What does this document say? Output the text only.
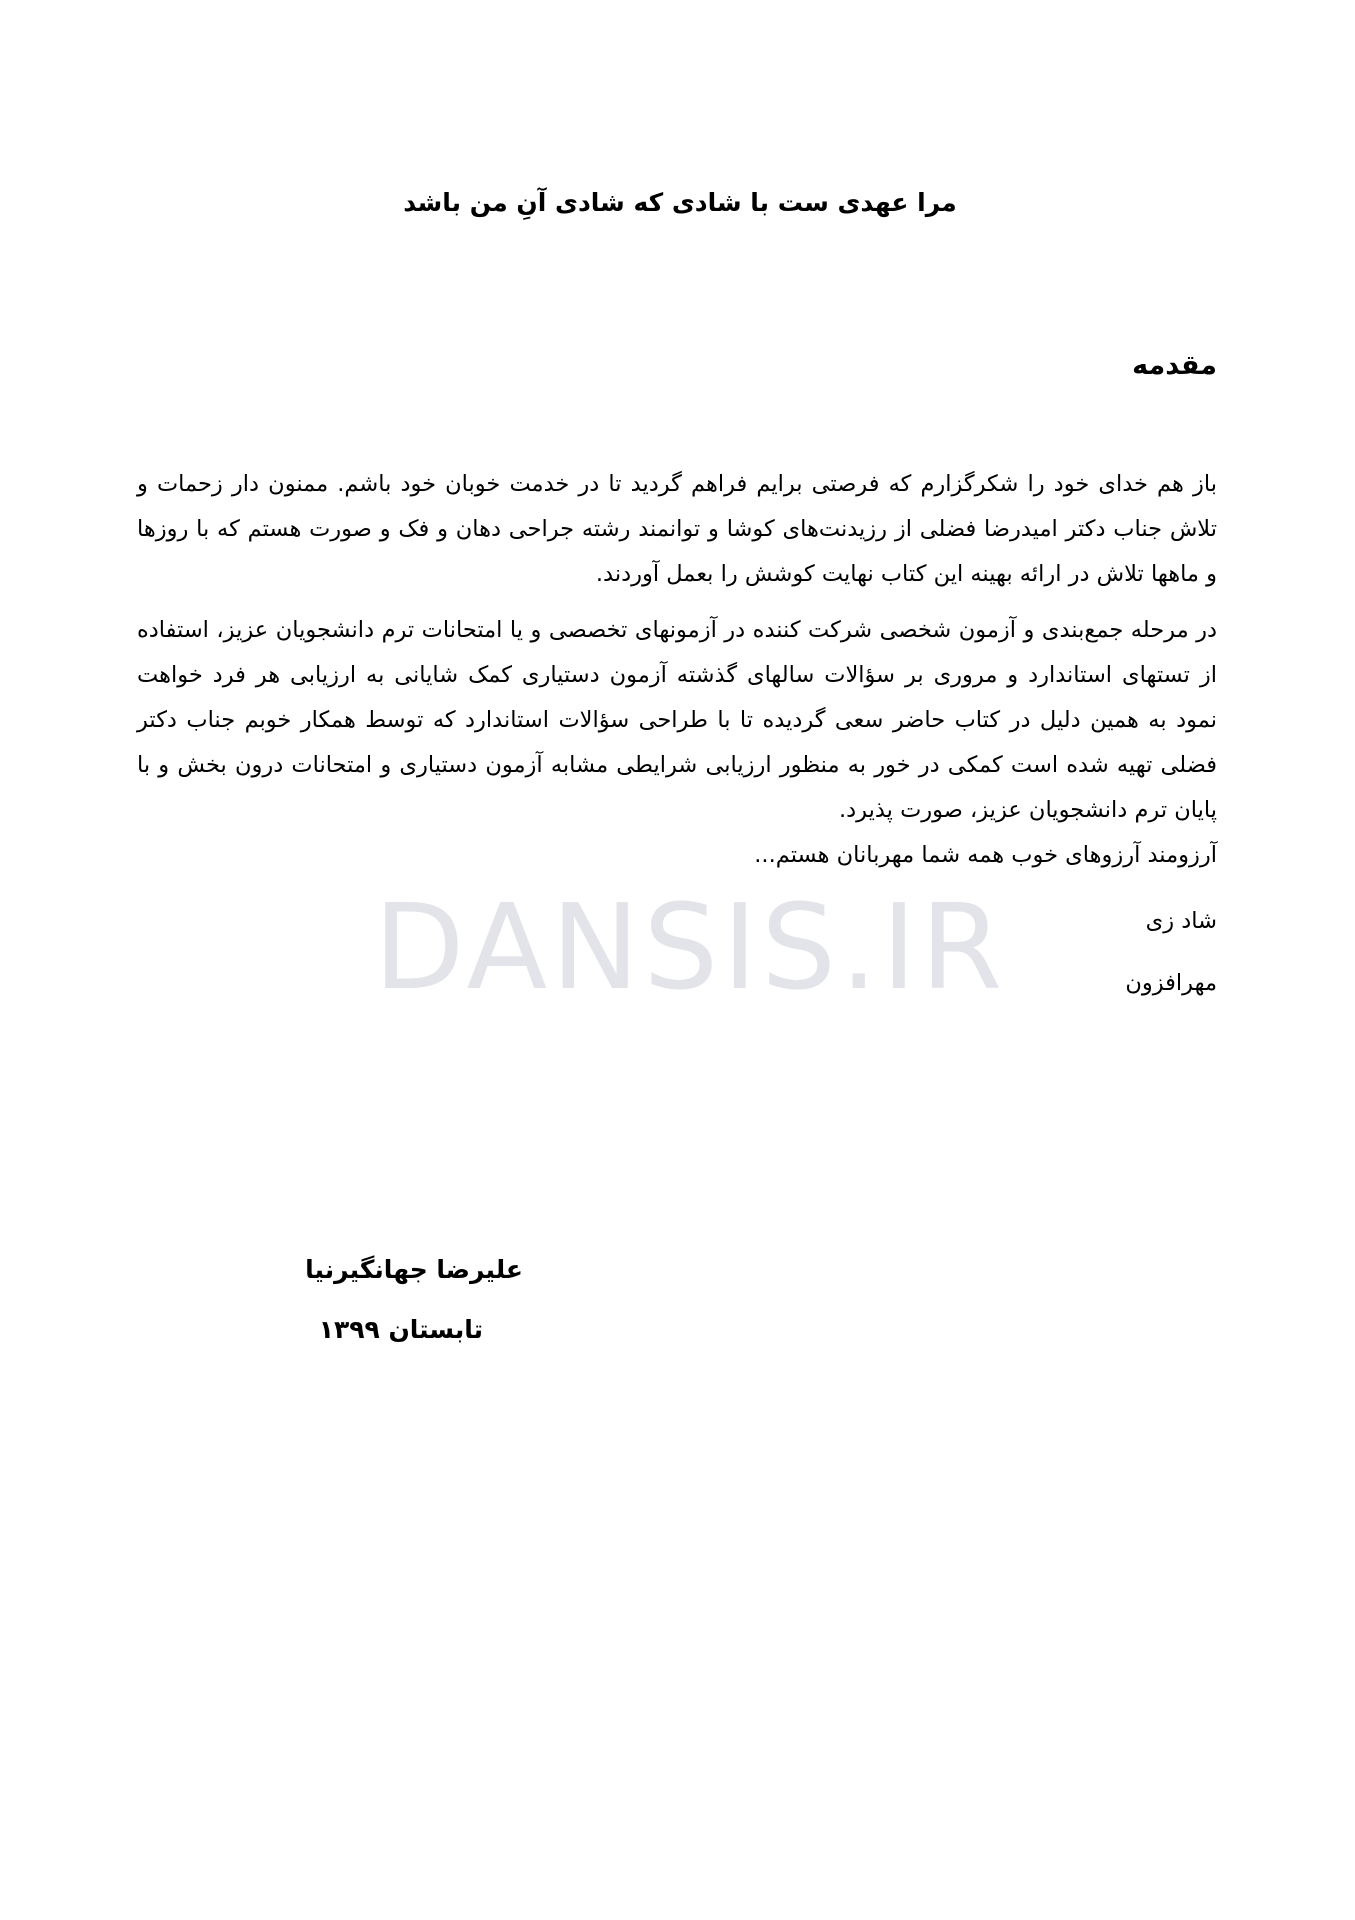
DANSIS.IR
مرا عهدی ست با شادی که شادی آنِ من باشد
مقدمه

باز هم خدای خود را شکرگزارم که فرصتی برایم فراهم گردید تا در خدمت خوبان خود باشم. ممنون دار زحمات و تلاش جناب دکتر امیدرضا فضلی از رزیدنت‌های کوشا و توانمند رشته جراحی دهان و فک و صورت هستم که با روزها و ماهها تلاش در ارائه بهینه این کتاب نهایت کوشش را بعمل آوردند.

در مرحله جمع‌بندی و آزمون شخصی شرکت کننده در آزمونهای تخصصی و یا امتحانات ترم دانشجویان عزیز، استفاده از تستهای استاندارد و مروری بر سؤالات سالهای گذشته آزمون دستیاری کمک شایانی به ارزیابی هر فرد خواهت نمود به همین دلیل در کتاب حاضر سعی گردیده تا با طراحی سؤالات استاندارد که توسط همکار خوبم جناب دکتر فضلی تهیه شده است کمکی در خور به منظور ارزیابی شرایطی مشابه آزمون دستیاری و امتحانات درون بخش و با پایان ترم دانشجویان عزیز، صورت پذیرد.

آرزومند آرزوهای خوب همه شما مهربانان هستم...
شاد زی
مهرافزون
علیرضا جهانگیرنیا
تابستان ۱۳۹۹
